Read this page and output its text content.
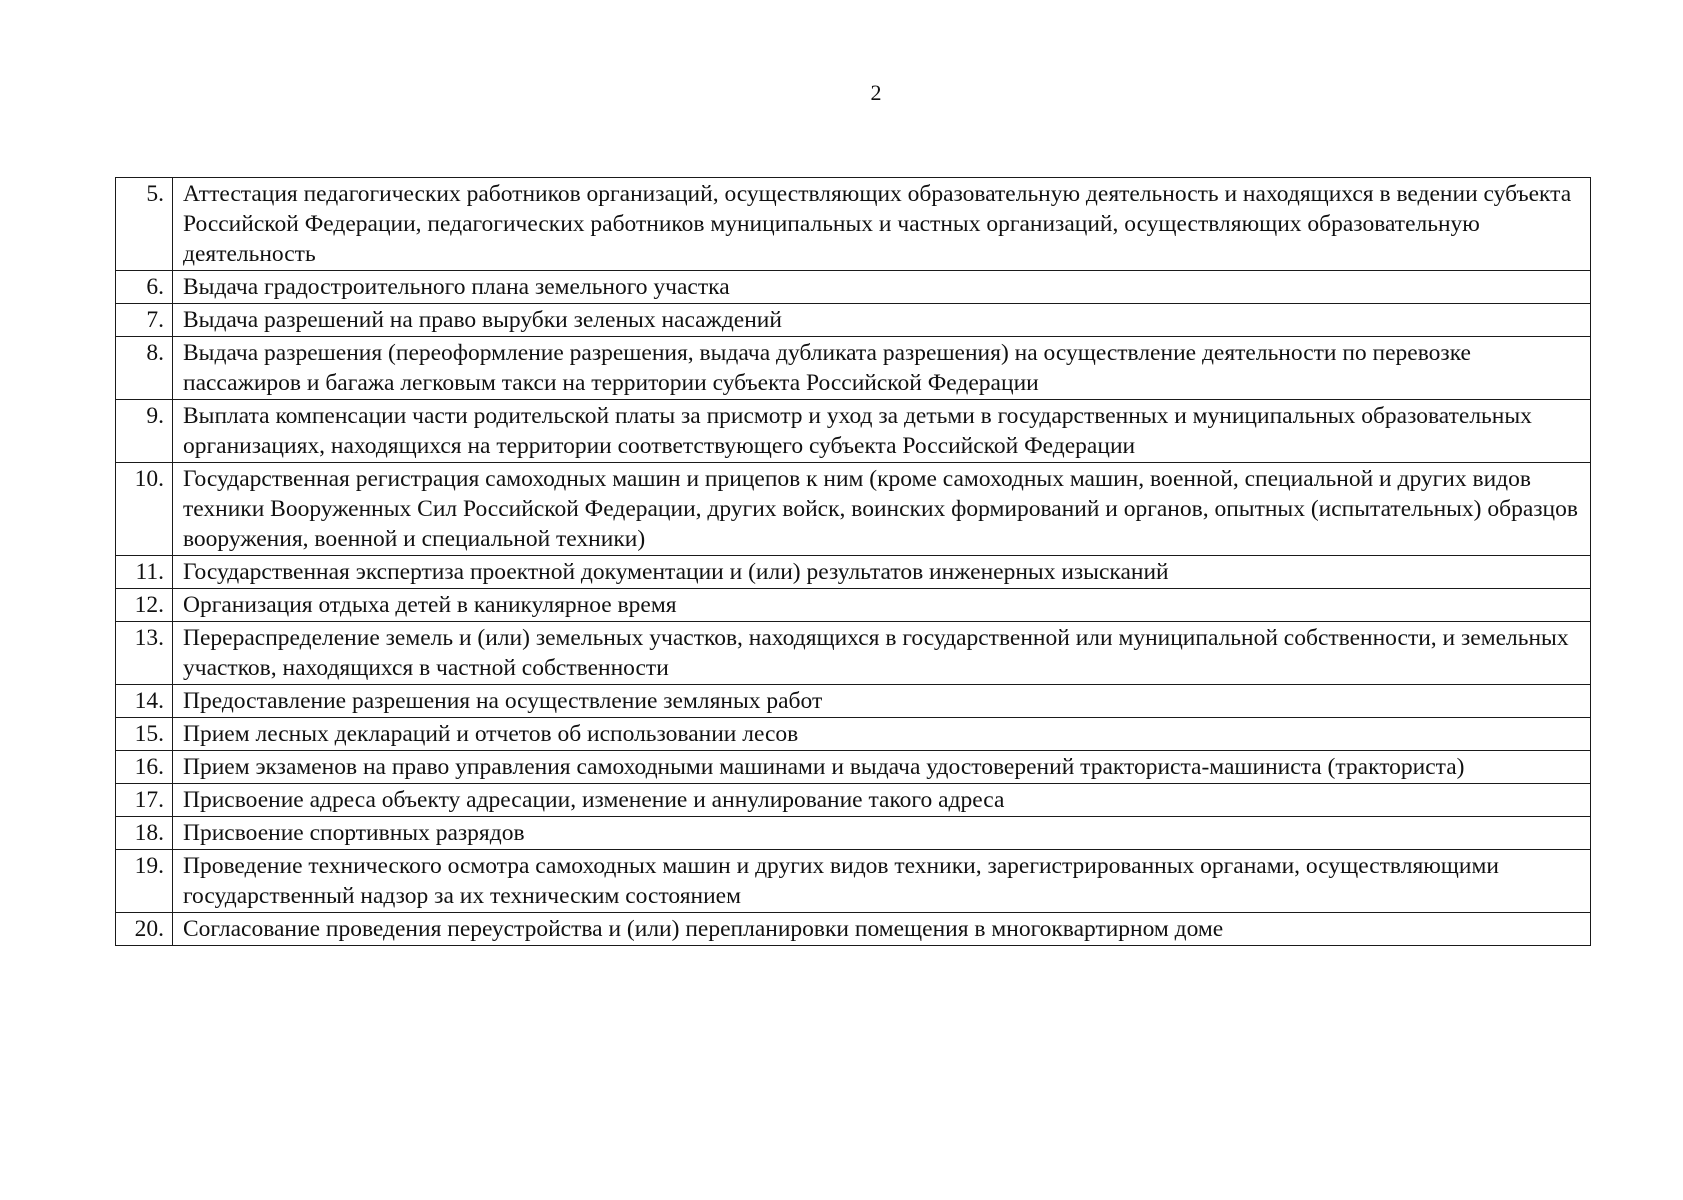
2
5.	Аттестация педагогических работников организаций, осуществляющих образовательную деятельность и находящихся в ведении субъекта Российской Федерации, педагогических работников муниципальных и частных организаций, осуществляющих образовательную деятельность
6.	Выдача градостроительного плана земельного участка
7.	Выдача разрешений на право вырубки зеленых насаждений
8.	Выдача разрешения (переоформление разрешения, выдача дубликата разрешения) на осуществление деятельности по перевозке пассажиров и багажа легковым такси на территории субъекта Российской Федерации
9.	Выплата компенсации части родительской платы за присмотр и уход за детьми в государственных и муниципальных образовательных организациях, находящихся на территории соответствующего субъекта Российской Федерации
10.	Государственная регистрация самоходных машин и прицепов к ним (кроме самоходных машин, военной, специальной и других видов техники Вооруженных Сил Российской Федерации, других войск, воинских формирований и органов, опытных (испытательных) образцов вооружения, военной и специальной техники)
11.	Государственная экспертиза проектной документации и (или) результатов инженерных изысканий
12.	Организация отдыха детей в каникулярное время
13.	Перераспределение земель и (или) земельных участков, находящихся в государственной или муниципальной собственности, и земельных участков, находящихся в частной собственности
14.	Предоставление разрешения на осуществление земляных работ
15.	Прием лесных деклараций и отчетов об использовании лесов
16.	Прием экзаменов на право управления самоходными машинами и выдача удостоверений тракториста-машиниста (тракториста)
17.	Присвоение адреса объекту адресации, изменение и аннулирование такого адреса
18.	Присвоение спортивных разрядов
19.	Проведение технического осмотра самоходных машин и других видов техники, зарегистрированных органами, осуществляющими государственный надзор за их техническим состоянием
20.	Согласование проведения переустройства и (или) перепланировки помещения в многоквартирном доме
